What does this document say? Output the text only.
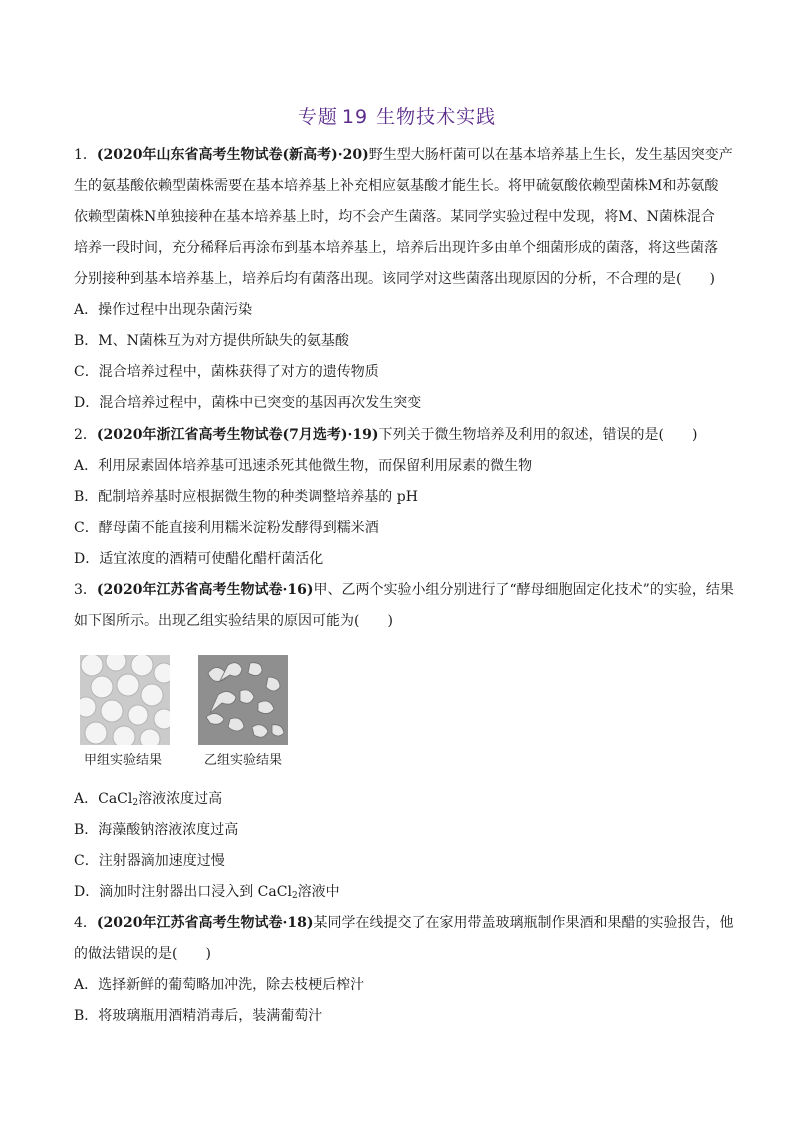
专题 19 生物技术实践
1．(2020年山东省高考生物试卷(新高考)·20)野生型大肠杆菌可以在基本培养基上生长，发生基因突变产
生的氨基酸依赖型菌株需要在基本培养基上补充相应氨基酸才能生长。将甲硫氨酸依赖型菌株M和苏氨酸
依赖型菌株N单独接种在基本培养基上时，均不会产生菌落。某同学实验过程中发现，将M、N菌株混合
培养一段时间，充分稀释后再涂布到基本培养基上，培养后出现许多由单个细菌形成的菌落，将这些菌落
分别接种到基本培养基上，培养后均有菌落出现。该同学对这些菌落出现原因的分析，不合理的是(　　)
A．操作过程中出现杂菌污染
B．M、N菌株互为对方提供所缺失的氨基酸
C．混合培养过程中，菌株获得了对方的遗传物质
D．混合培养过程中，菌株中已突变的基因再次发生突变
2．(2020年浙江省高考生物试卷(7月选考)·19)下列关于微生物培养及利用的叙述，错误的是(　　)
A．利用尿素固体培养基可迅速杀死其他微生物，而保留利用尿素的微生物
B．配制培养基时应根据微生物的种类调整培养基的 pH
C．酵母菌不能直接利用糯米淀粉发酵得到糯米酒
D．适宜浓度的酒精可使醋化醋杆菌活化
3．(2020年江苏省高考生物试卷·16)甲、乙两个实验小组分别进行了“酵母细胞固定化技术”的实验，结果
如下图所示。出现乙组实验结果的原因可能为(　　)
甲组实验结果	乙组实验结果
A．CaCl$_2$溶液浓度过高
B．海藻酸钠溶液浓度过高
C．注射器滴加速度过慢
D．滴加时注射器出口浸入到 CaCl$_2$溶液中
4．(2020年江苏省高考生物试卷·18)某同学在线提交了在家用带盖玻璃瓶制作果酒和果醋的实验报告，他
的做法错误的是(　　)
A．选择新鲜的葡萄略加冲洗，除去枝梗后榨汁
B．将玻璃瓶用酒精消毒后，装满葡萄汁
